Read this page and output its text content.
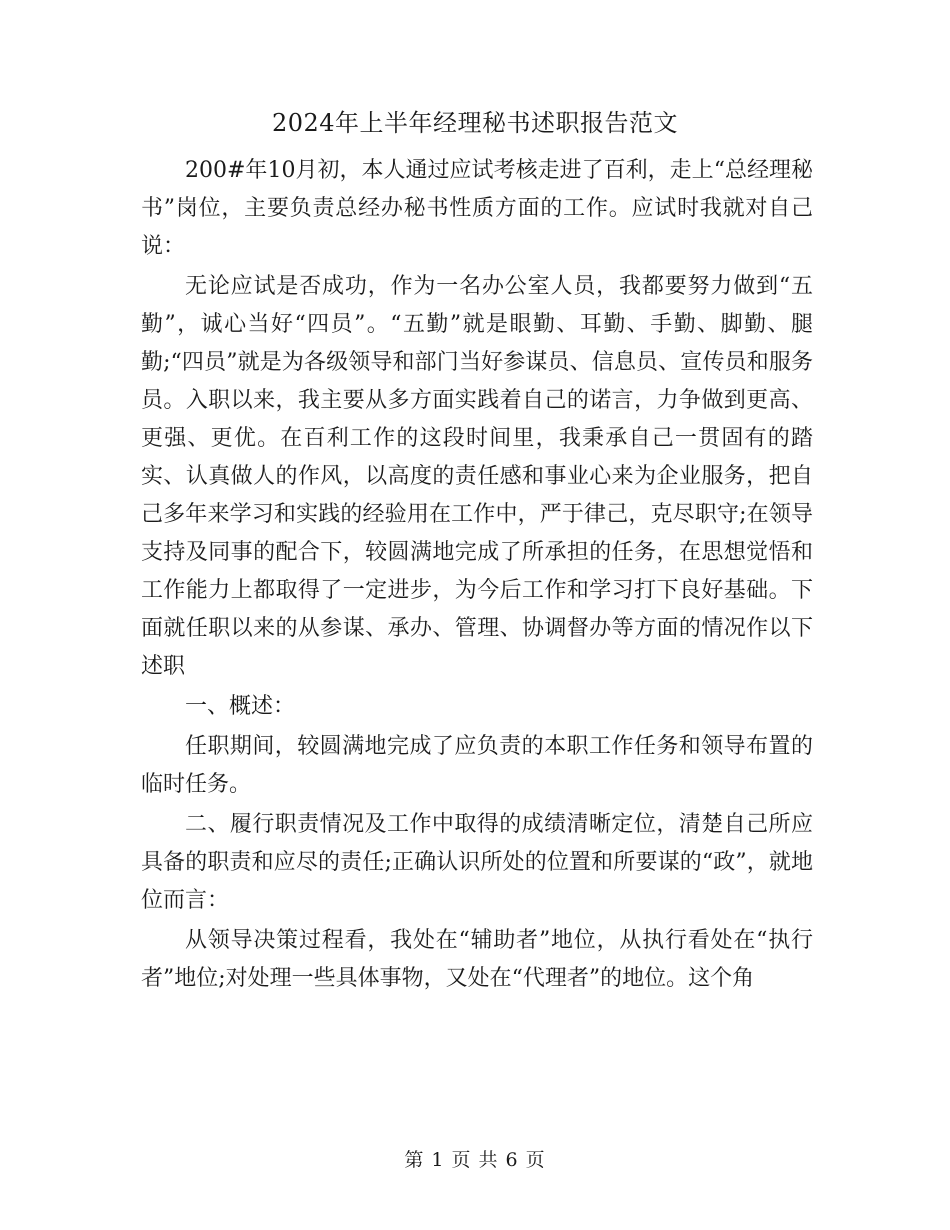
2024年上半年经理秘书述职报告范文

200#年10月初，本人通过应试考核走进了百利，走上“总经理秘书”岗位，主要负责总经办秘书性质方面的工作。应试时我就对自己说：

无论应试是否成功，作为一名办公室人员，我都要努力做到“五勤”，诚心当好“四员”。“五勤”就是眼勤、耳勤、手勤、脚勤、腿勤;“四员”就是为各级领导和部门当好参谋员、信息员、宣传员和服务员。入职以来，我主要从多方面实践着自己的诺言，力争做到更高、更强、更优。在百利工作的这段时间里，我秉承自己一贯固有的踏实、认真做人的作风，以高度的责任感和事业心来为企业服务，把自己多年来学习和实践的经验用在工作中，严于律己，克尽职守;在领导支持及同事的配合下，较圆满地完成了所承担的任务，在思想觉悟和工作能力上都取得了一定进步，为今后工作和学习打下良好基础。下面就任职以来的从参谋、承办、管理、协调督办等方面的情况作以下述职

一、概述：

任职期间，较圆满地完成了应负责的本职工作任务和领导布置的临时任务。

二、履行职责情况及工作中取得的成绩清晰定位，清楚自己所应具备的职责和应尽的责任;正确认识所处的位置和所要谋的“政”，就地位而言：

从领导决策过程看，我处在“辅助者”地位，从执行看处在“执行者”地位;对处理一些具体事物，又处在“代理者”的地位。这个角

第 1 页 共 6 页
